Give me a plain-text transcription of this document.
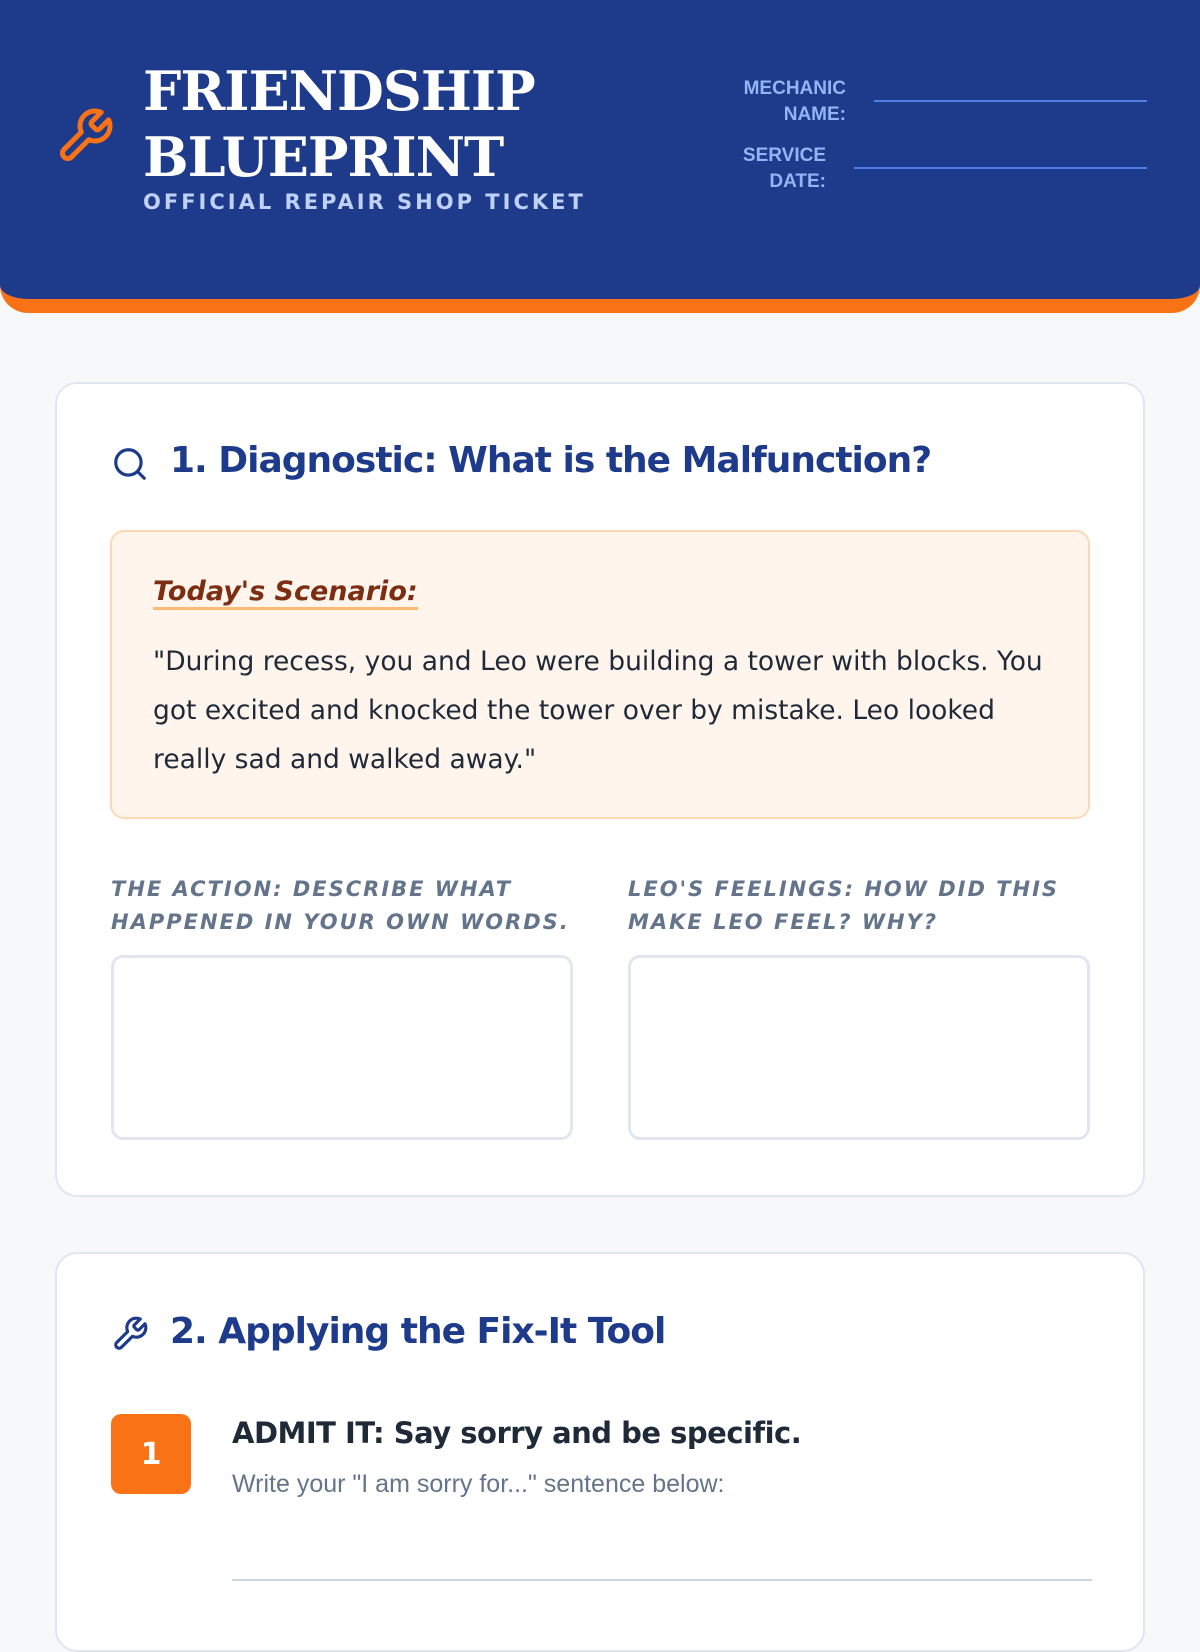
FRIENDSHIP
BLUEPRINT
OFFICIAL REPAIR SHOP TICKET
MECHANIC
NAME:
SERVICE
DATE:
1. Diagnostic: What is the Malfunction?
Today's Scenario:

"During recess, you and Leo were building a tower with blocks. You got excited and knocked the tower over by mistake. Leo looked really sad and walked away."

THE ACTION: DESCRIBE WHAT HAPPENED IN YOUR OWN WORDS.

LEO'S FEELINGS: HOW DID THIS MAKE LEO FEEL? WHY?

2. Applying the Fix-It Tool
1
ADMIT IT: Say sorry and be specific.
Write your "I am sorry for..." sentence below:
